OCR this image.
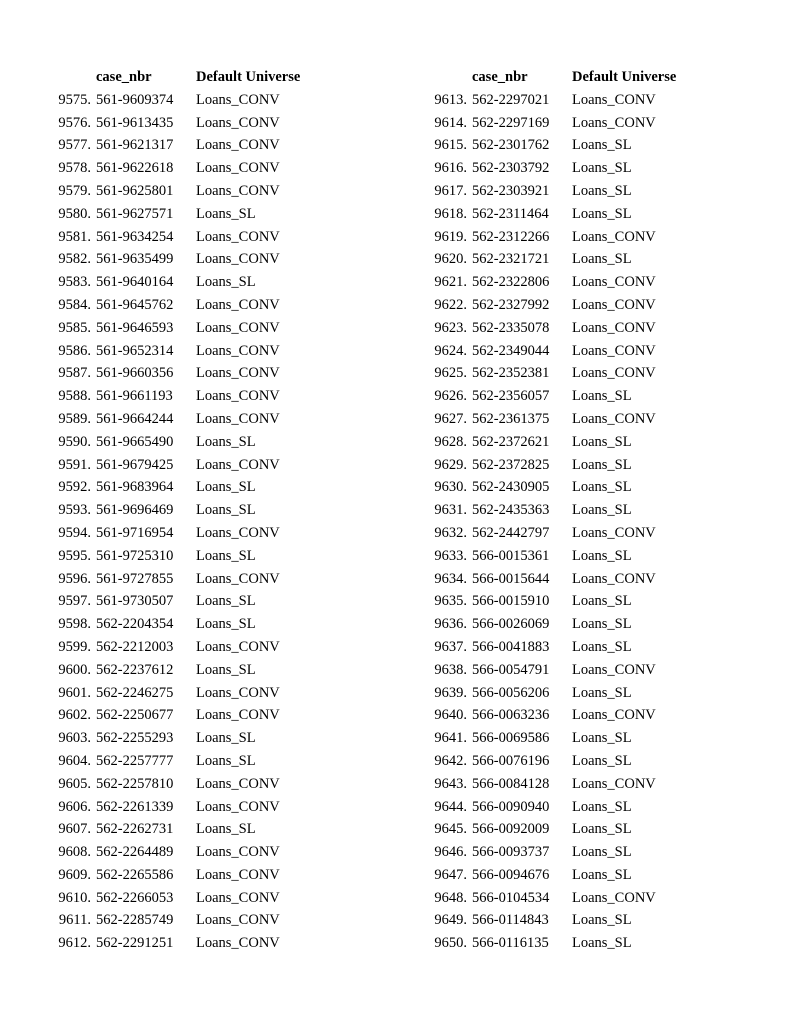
	case_nbr	Default Universe
9575.	561-9609374	Loans_CONV
9576.	561-9613435	Loans_CONV
9577.	561-9621317	Loans_CONV
9578.	561-9622618	Loans_CONV
9579.	561-9625801	Loans_CONV
9580.	561-9627571	Loans_SL
9581.	561-9634254	Loans_CONV
9582.	561-9635499	Loans_CONV
9583.	561-9640164	Loans_SL
9584.	561-9645762	Loans_CONV
9585.	561-9646593	Loans_CONV
9586.	561-9652314	Loans_CONV
9587.	561-9660356	Loans_CONV
9588.	561-9661193	Loans_CONV
9589.	561-9664244	Loans_CONV
9590.	561-9665490	Loans_SL
9591.	561-9679425	Loans_CONV
9592.	561-9683964	Loans_SL
9593.	561-9696469	Loans_SL
9594.	561-9716954	Loans_CONV
9595.	561-9725310	Loans_SL
9596.	561-9727855	Loans_CONV
9597.	561-9730507	Loans_SL
9598.	562-2204354	Loans_SL
9599.	562-2212003	Loans_CONV
9600.	562-2237612	Loans_SL
9601.	562-2246275	Loans_CONV
9602.	562-2250677	Loans_CONV
9603.	562-2255293	Loans_SL
9604.	562-2257777	Loans_SL
9605.	562-2257810	Loans_CONV
9606.	562-2261339	Loans_CONV
9607.	562-2262731	Loans_SL
9608.	562-2264489	Loans_CONV
9609.	562-2265586	Loans_CONV
9610.	562-2266053	Loans_CONV
9611.	562-2285749	Loans_CONV
9612.	562-2291251	Loans_CONV
	case_nbr	Default Universe
9613.	562-2297021	Loans_CONV
9614.	562-2297169	Loans_CONV
9615.	562-2301762	Loans_SL
9616.	562-2303792	Loans_SL
9617.	562-2303921	Loans_SL
9618.	562-2311464	Loans_SL
9619.	562-2312266	Loans_CONV
9620.	562-2321721	Loans_SL
9621.	562-2322806	Loans_CONV
9622.	562-2327992	Loans_CONV
9623.	562-2335078	Loans_CONV
9624.	562-2349044	Loans_CONV
9625.	562-2352381	Loans_CONV
9626.	562-2356057	Loans_SL
9627.	562-2361375	Loans_CONV
9628.	562-2372621	Loans_SL
9629.	562-2372825	Loans_SL
9630.	562-2430905	Loans_SL
9631.	562-2435363	Loans_SL
9632.	562-2442797	Loans_CONV
9633.	566-0015361	Loans_SL
9634.	566-0015644	Loans_CONV
9635.	566-0015910	Loans_SL
9636.	566-0026069	Loans_SL
9637.	566-0041883	Loans_SL
9638.	566-0054791	Loans_CONV
9639.	566-0056206	Loans_SL
9640.	566-0063236	Loans_CONV
9641.	566-0069586	Loans_SL
9642.	566-0076196	Loans_SL
9643.	566-0084128	Loans_CONV
9644.	566-0090940	Loans_SL
9645.	566-0092009	Loans_SL
9646.	566-0093737	Loans_SL
9647.	566-0094676	Loans_SL
9648.	566-0104534	Loans_CONV
9649.	566-0114843	Loans_SL
9650.	566-0116135	Loans_SL
